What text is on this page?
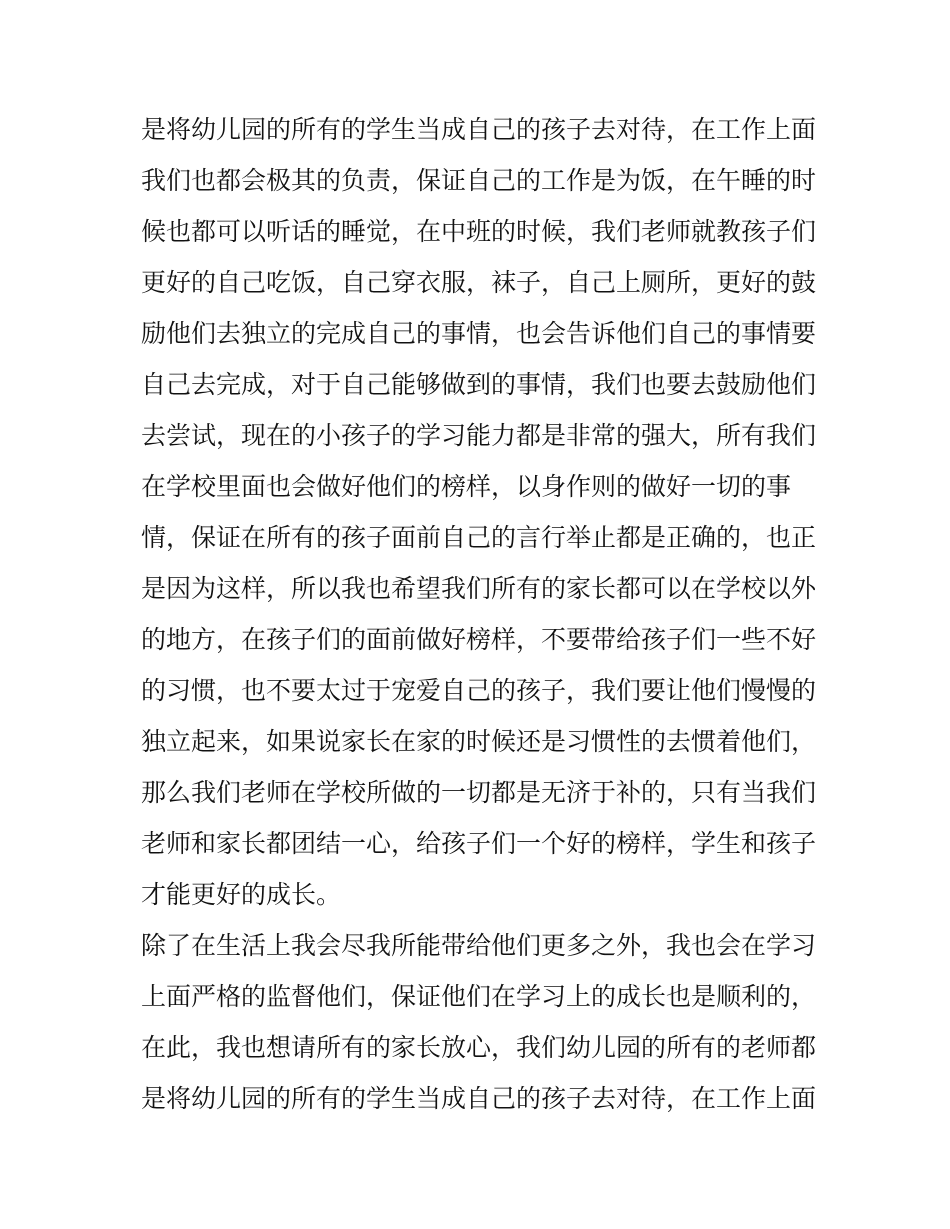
是将幼儿园的所有的学生当成自己的孩子去对待，在工作上面
我们也都会极其的负责，保证自己的工作是为饭，在午睡的时
候也都可以听话的睡觉，在中班的时候，我们老师就教孩子们
更好的自己吃饭，自己穿衣服，袜子，自己上厕所，更好的鼓
励他们去独立的完成自己的事情，也会告诉他们自己的事情要
自己去完成，对于自己能够做到的事情，我们也要去鼓励他们
去尝试，现在的小孩子的学习能力都是非常的强大，所有我们
在学校里面也会做好他们的榜样，以身作则的做好一切的事
情，保证在所有的孩子面前自己的言行举止都是正确的，也正
是因为这样，所以我也希望我们所有的家长都可以在学校以外
的地方，在孩子们的面前做好榜样，不要带给孩子们一些不好
的习惯，也不要太过于宠爱自己的孩子，我们要让他们慢慢的
独立起来，如果说家长在家的时候还是习惯性的去惯着他们，
那么我们老师在学校所做的一切都是无济于补的，只有当我们
老师和家长都团结一心，给孩子们一个好的榜样，学生和孩子
才能更好的成长。
除了在生活上我会尽我所能带给他们更多之外，我也会在学习
上面严格的监督他们，保证他们在学习上的成长也是顺利的，
在此，我也想请所有的家长放心，我们幼儿园的所有的老师都
是将幼儿园的所有的学生当成自己的孩子去对待，在工作上面
